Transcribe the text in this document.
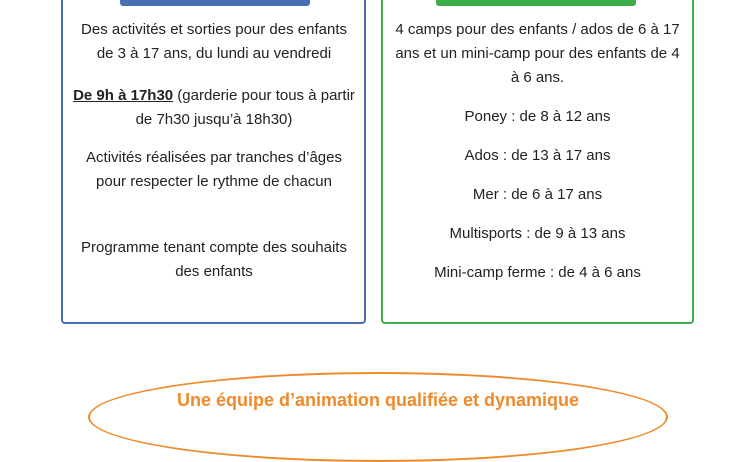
Des activités et sorties pour des enfants de 3 à 17 ans, du lundi au vendredi

De 9h à 17h30 (garderie pour tous à partir de 7h30 jusqu’à 18h30)

Activités réalisées par tranches d’âges pour respecter le rythme de chacun

Programme tenant compte des souhaits des enfants

4 camps pour des enfants / ados de 6 à 17 ans et un mini-camp pour des enfants de 4 à 6 ans.

Poney : de 8 à 12 ans

Ados : de 13 à 17 ans

Mer : de 6 à 17 ans

Multisports : de 9 à 13 ans

Mini-camp ferme : de 4 à 6 ans

Une équipe d’animation qualifiée et dynamique
